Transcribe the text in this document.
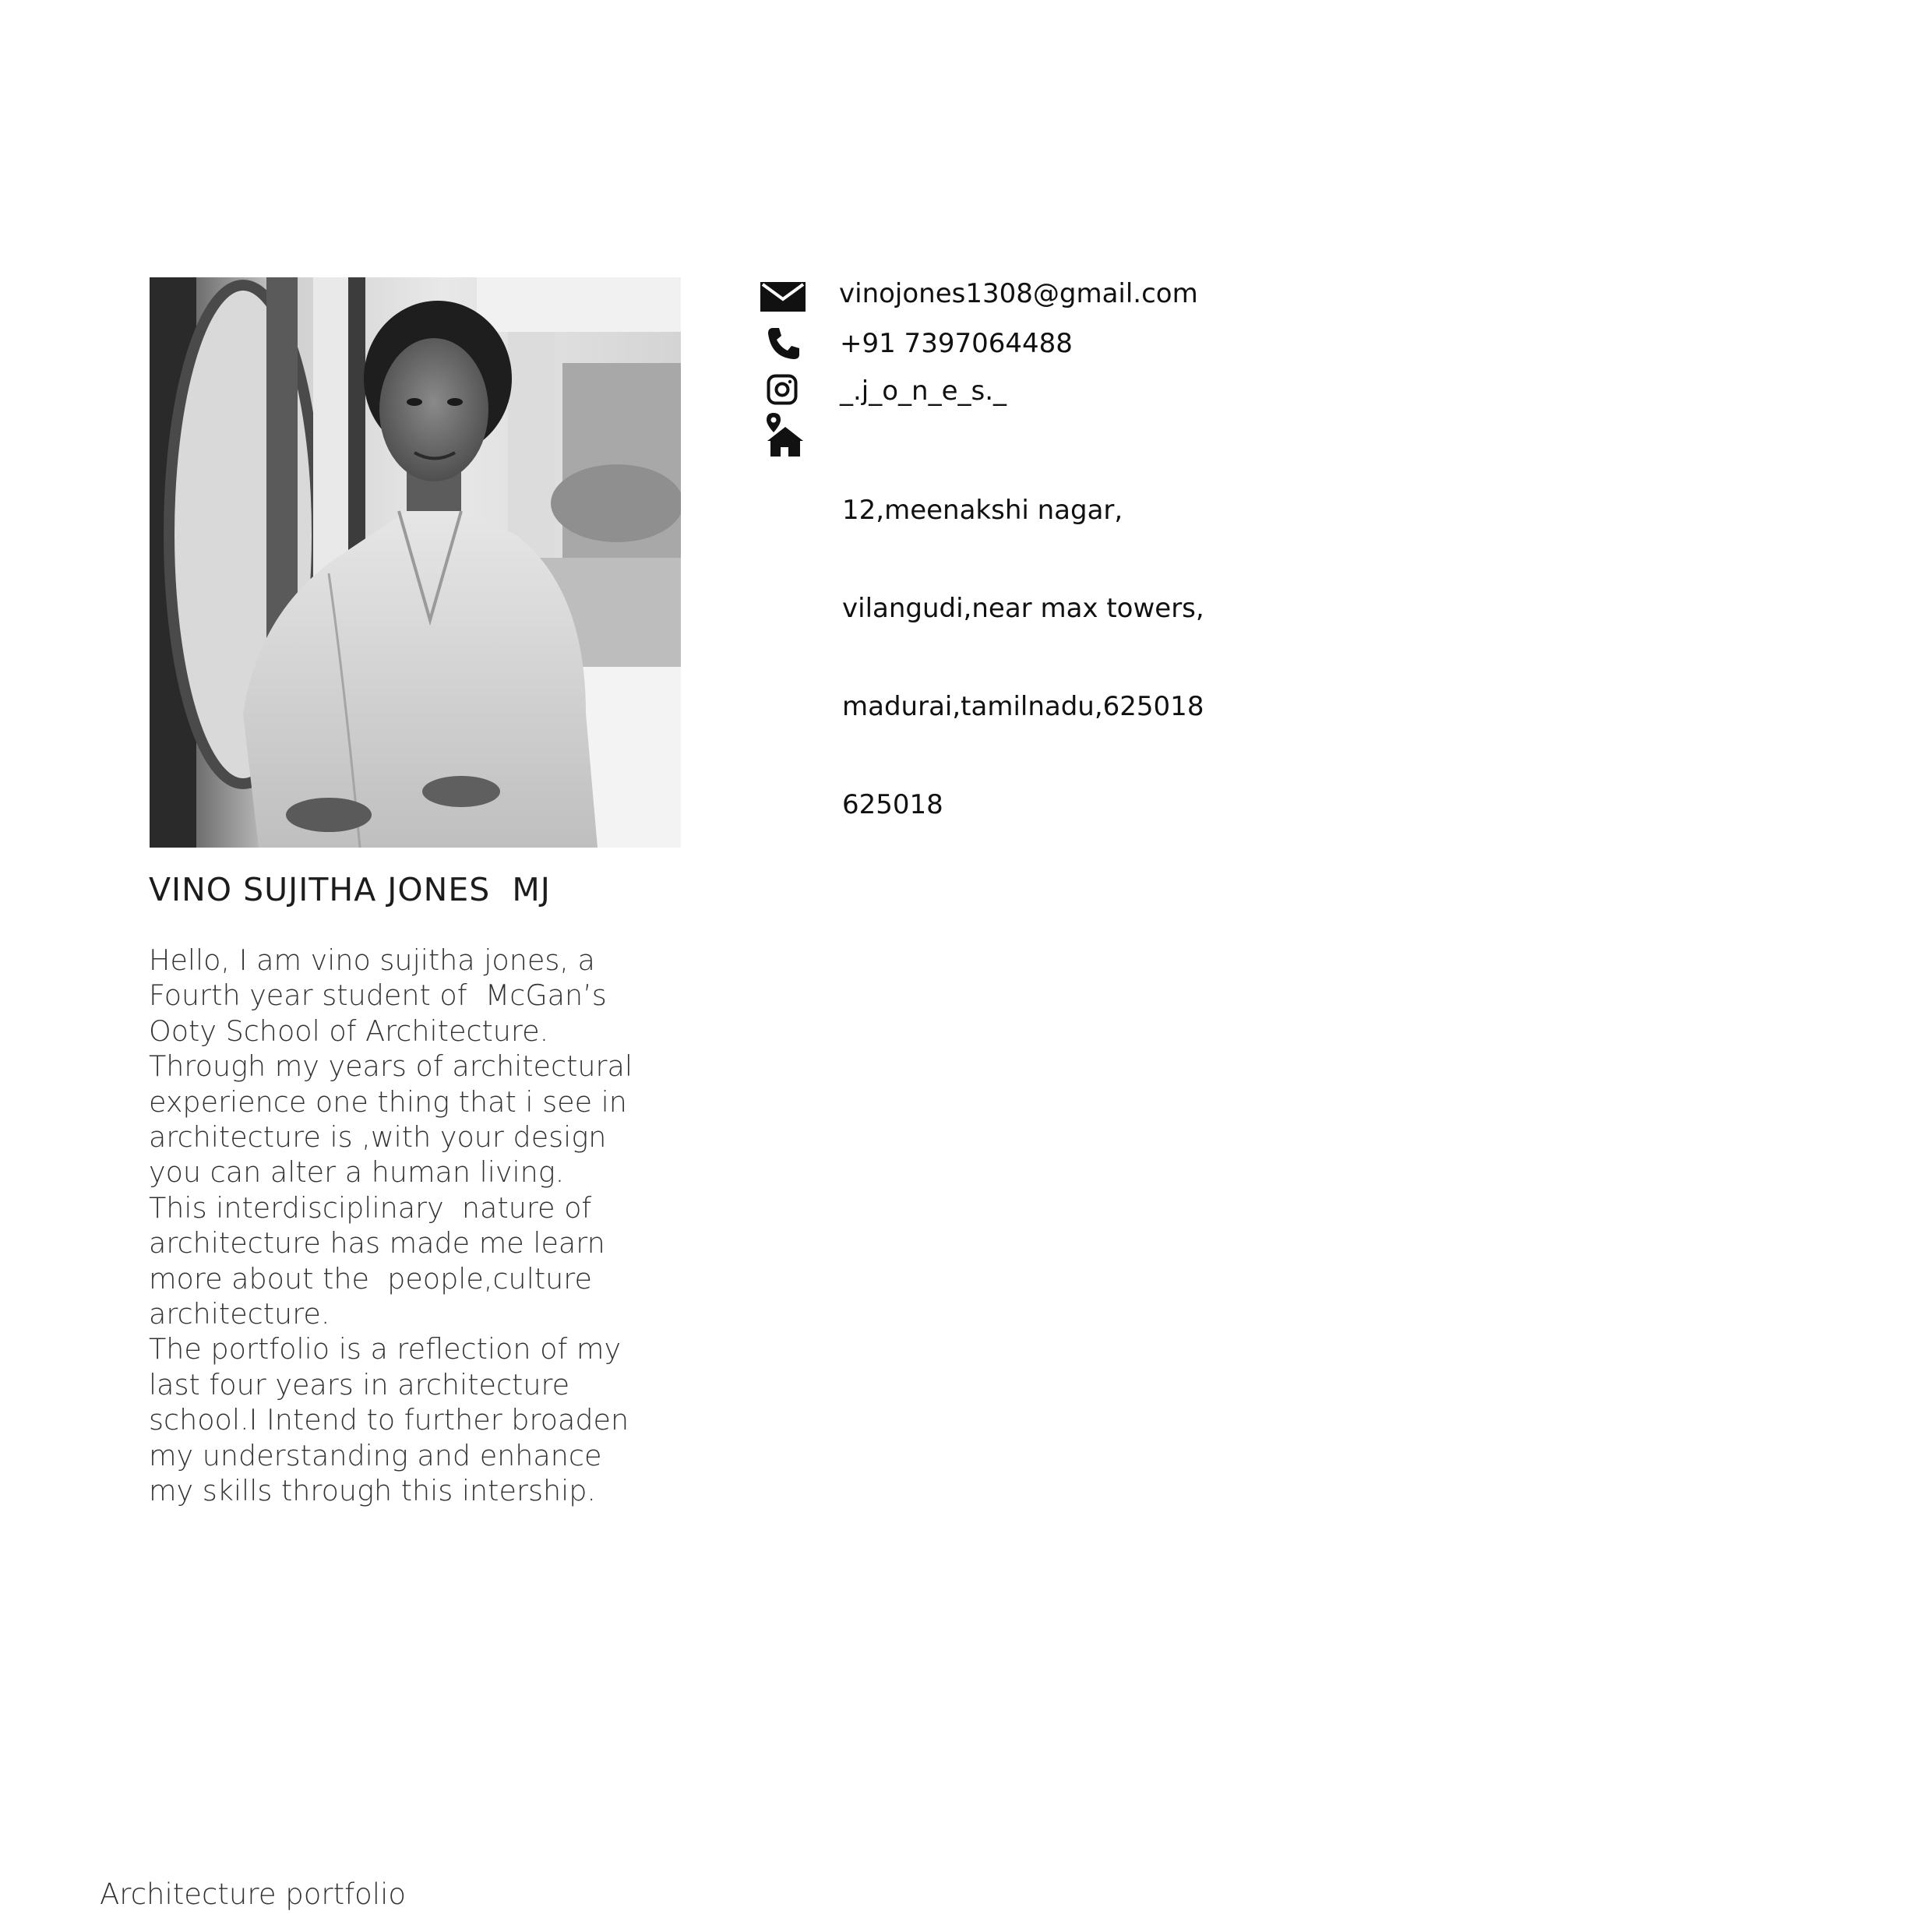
VINO SUJITHA JONES  MJ
Hello, I am vino sujitha jones, a
Fourth year student of  McGan’s
Ooty School of Architecture.
Through my years of architectural
experience one thing that i see in
architecture is ,with your design
you can alter a human living.
This interdisciplinary  nature of
architecture has made me learn
more about the  people,culture
architecture.
The portfolio is a reflection of my
last four years in architecture
school.I Intend to further broaden
my understanding and enhance
my skills through this intership.
vinojones1308@gmail.com
+91 7397064488
_.j_o_n_e_s._

12,meenakshi nagar,

vilangudi,near max towers,

madurai,tamilnadu,625018

625018

Architecture portfolio
